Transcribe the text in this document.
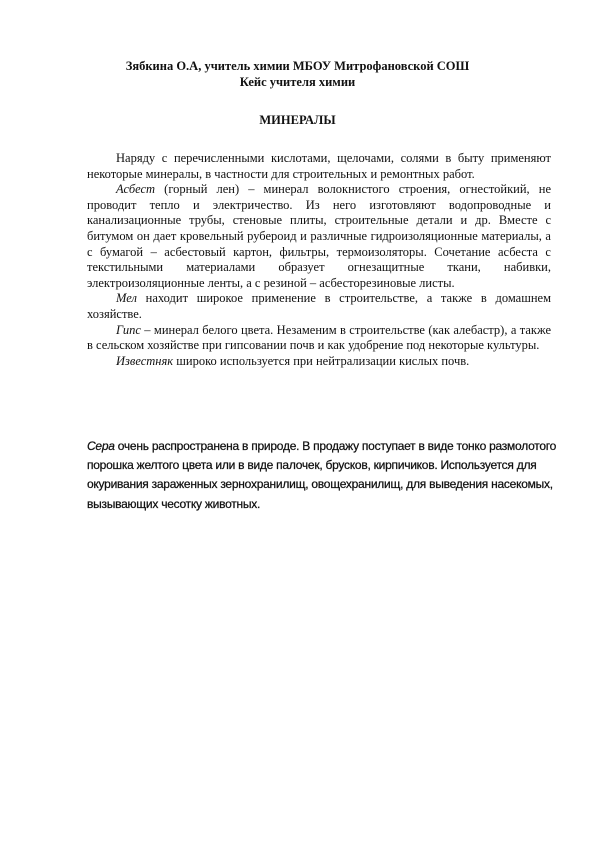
Зябкина О.А, учитель химии МБОУ Митрофановской СОШ
Кейс учителя химии
МИНЕРАЛЫ

Наряду с перечисленными кислотами, щелочами, солями в быту применяют некоторые минералы, в частности для строительных и ремонтных работ.

Асбест (горный лен) – минерал волокнистого строения, огнестойкий, не проводит тепло и электричество. Из него изготовляют водопроводные и канализационные трубы, стеновые плиты, строительные детали и др. Вместе с битумом он дает кровельный рубероид и различные гидроизоляционные материалы, а с бумагой – асбестовый картон, фильтры, термоизоляторы. Сочетание асбеста с текстильными материалами образует огнезащитные ткани, набивки, электроизоляционные ленты, а с резиной – асбесторезиновые листы.

Мел находит широкое применение в строительстве, а также в домашнем хозяйстве.

Гипс – минерал белого цвета. Незаменим в строительстве (как алебастр), а также в сельском хозяйстве при гипсовании почв и как удобрение под некоторые культуры.

Известняк широко используется при нейтрализации кислых почв.

Сера очень распространена в природе. В продажу поступает в виде тонко размолотого порошка желтого цвета или в виде палочек, брусков, кирпичиков. Используется для окуривания зараженных зернохранилищ, овощехранилищ, для выведения насекомых, вызывающих чесотку животных.
